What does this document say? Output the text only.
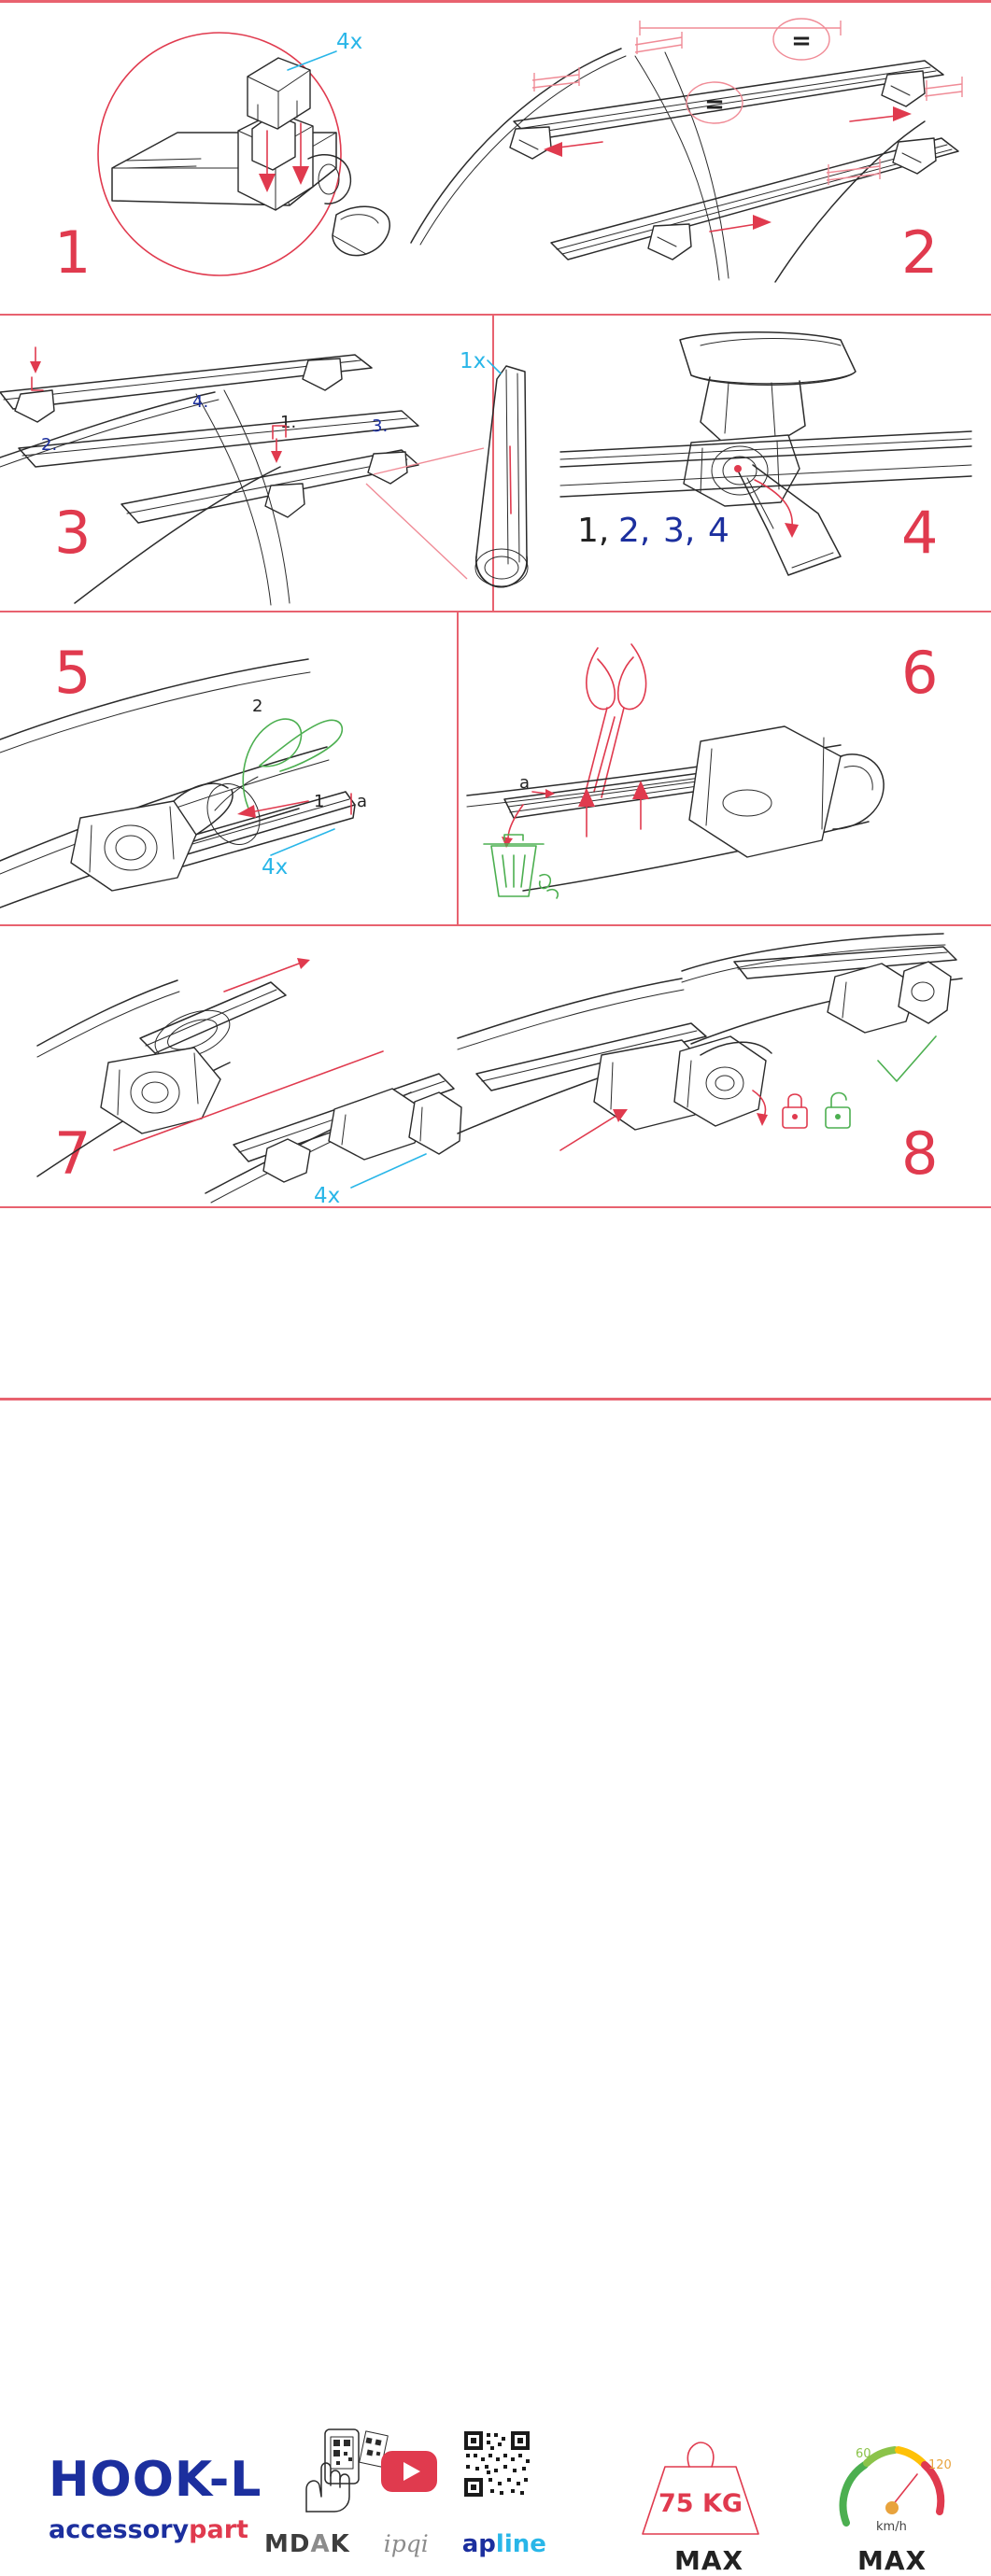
4x
1
=
=
2
2.
4.
1.	3.
1x
3	1, 2, 3, 4	4
5	2
1 a
4x
6
a
7
4x
8
HOOK-L
accessorypart MDAK ipqi apline
75 KG
MAX
60
120
km/h
MAX
